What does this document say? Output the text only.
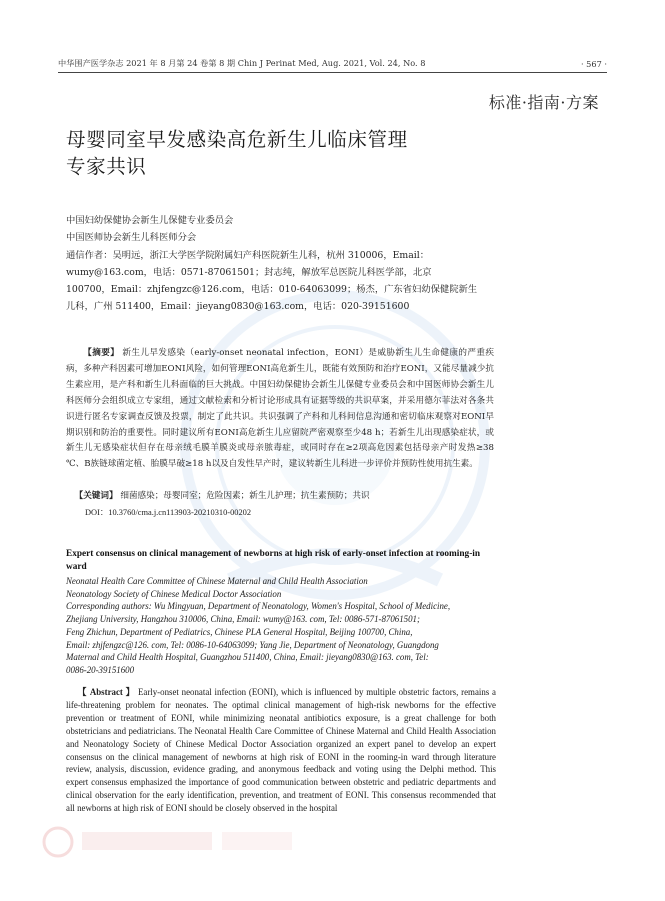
中华围产医学杂志 2021 年 8 月第 24 卷第 8 期 Chin J Perinat Med, Aug. 2021, Vol. 24, No. 8	· 567 ·
标准·指南·方案
母婴同室早发感染高危新生儿临床管理
专家共识
中国妇幼保健协会新生儿保健专业委员会
中国医师协会新生儿科医师分会
通信作者：吴明远，浙江大学医学院附属妇产科医院新生儿科，杭州 310006，Email：
wumy@163.com，电话：0571-87061501；封志纯，解放军总医院儿科医学部，北京
100700，Email：zhjfengzc@126.com，电话：010-64063099；杨杰，广东省妇幼保健院新生
儿科，广州 511400，Email：jieyang0830@163.com，电话：020-39151600
【摘要】 新生儿早发感染（early-onset neonatal infection，EONI）是威胁新生儿生命健康的严重疾病，多种产科因素可增加EONI风险，如何管理EONI高危新生儿，既能有效预防和治疗EONI，又能尽量减少抗生素应用，是产科和新生儿科面临的巨大挑战。中国妇幼保健协会新生儿保健专业委员会和中国医师协会新生儿科医师分会组织成立专家组，通过文献检索和分析讨论形成具有证据等级的共识草案，并采用德尔菲法对各条共识进行匿名专家调查反馈及投票，制定了此共识。共识强调了产科和儿科间信息沟通和密切临床观察对EONI早期识别和防治的重要性。同时建议所有EONI高危新生儿应留院严密观察至少48 h；若新生儿出现感染症状，或新生儿无感染症状但存在母亲绒毛膜羊膜炎或母亲脓毒症，或同时存在≥2项高危因素包括母亲产时发热≥38 ℃、B族链球菌定植、胎膜早破≥18 h以及自发性早产时，建议转新生儿科进一步评价并预防性使用抗生素。
【关键词】 细菌感染；母婴同室；危险因素；新生儿护理；抗生素预防；共识
DOI：10.3760/cma.j.cn113903-20210310-00202
Expert consensus on clinical management of newborns at high risk of early-onset infection at rooming-in ward
Neonatal Health Care Committee of Chinese Maternal and Child Health Association
Neonatology Society of Chinese Medical Doctor Association
Corresponding authors: Wu Mingyuan, Department of Neonatology, Women's Hospital, School of Medicine,
Zhejiang University, Hangzhou 310006, China, Email: wumy@163. com, Tel: 0086-571-87061501;
Feng Zhichun, Department of Pediatrics, Chinese PLA General Hospital, Beijing 100700, China,
Email: zhjfengzc@126. com, Tel: 0086-10-64063099; Yang Jie, Department of Neonatology, Guangdong
Maternal and Child Health Hospital, Guangzhou 511400, China, Email: jieyang0830@163. com, Tel:
0086-20-39151600
【 Abstract 】 Early-onset neonatal infection (EONI), which is influenced by multiple obstetric factors, remains a life-threatening problem for neonates. The optimal clinical management of high-risk newborns for the effective prevention or treatment of EONI, while minimizing neonatal antibiotics exposure, is a great challenge for both obstetricians and pediatricians. The Neonatal Health Care Committee of Chinese Maternal and Child Health Association and Neonatology Society of Chinese Medical Doctor Association organized an expert panel to develop an expert consensus on the clinical management of newborns at high risk of EONI in the rooming-in ward through literature review, analysis, discussion, evidence grading, and anonymous feedback and voting using the Delphi method. This expert consensus emphasized the importance of good communication between obstetric and pediatric departments and clinical observation for the early identification, prevention, and treatment of EONI. This consensus recommended that all newborns at high risk of EONI should be closely observed in the hospital
